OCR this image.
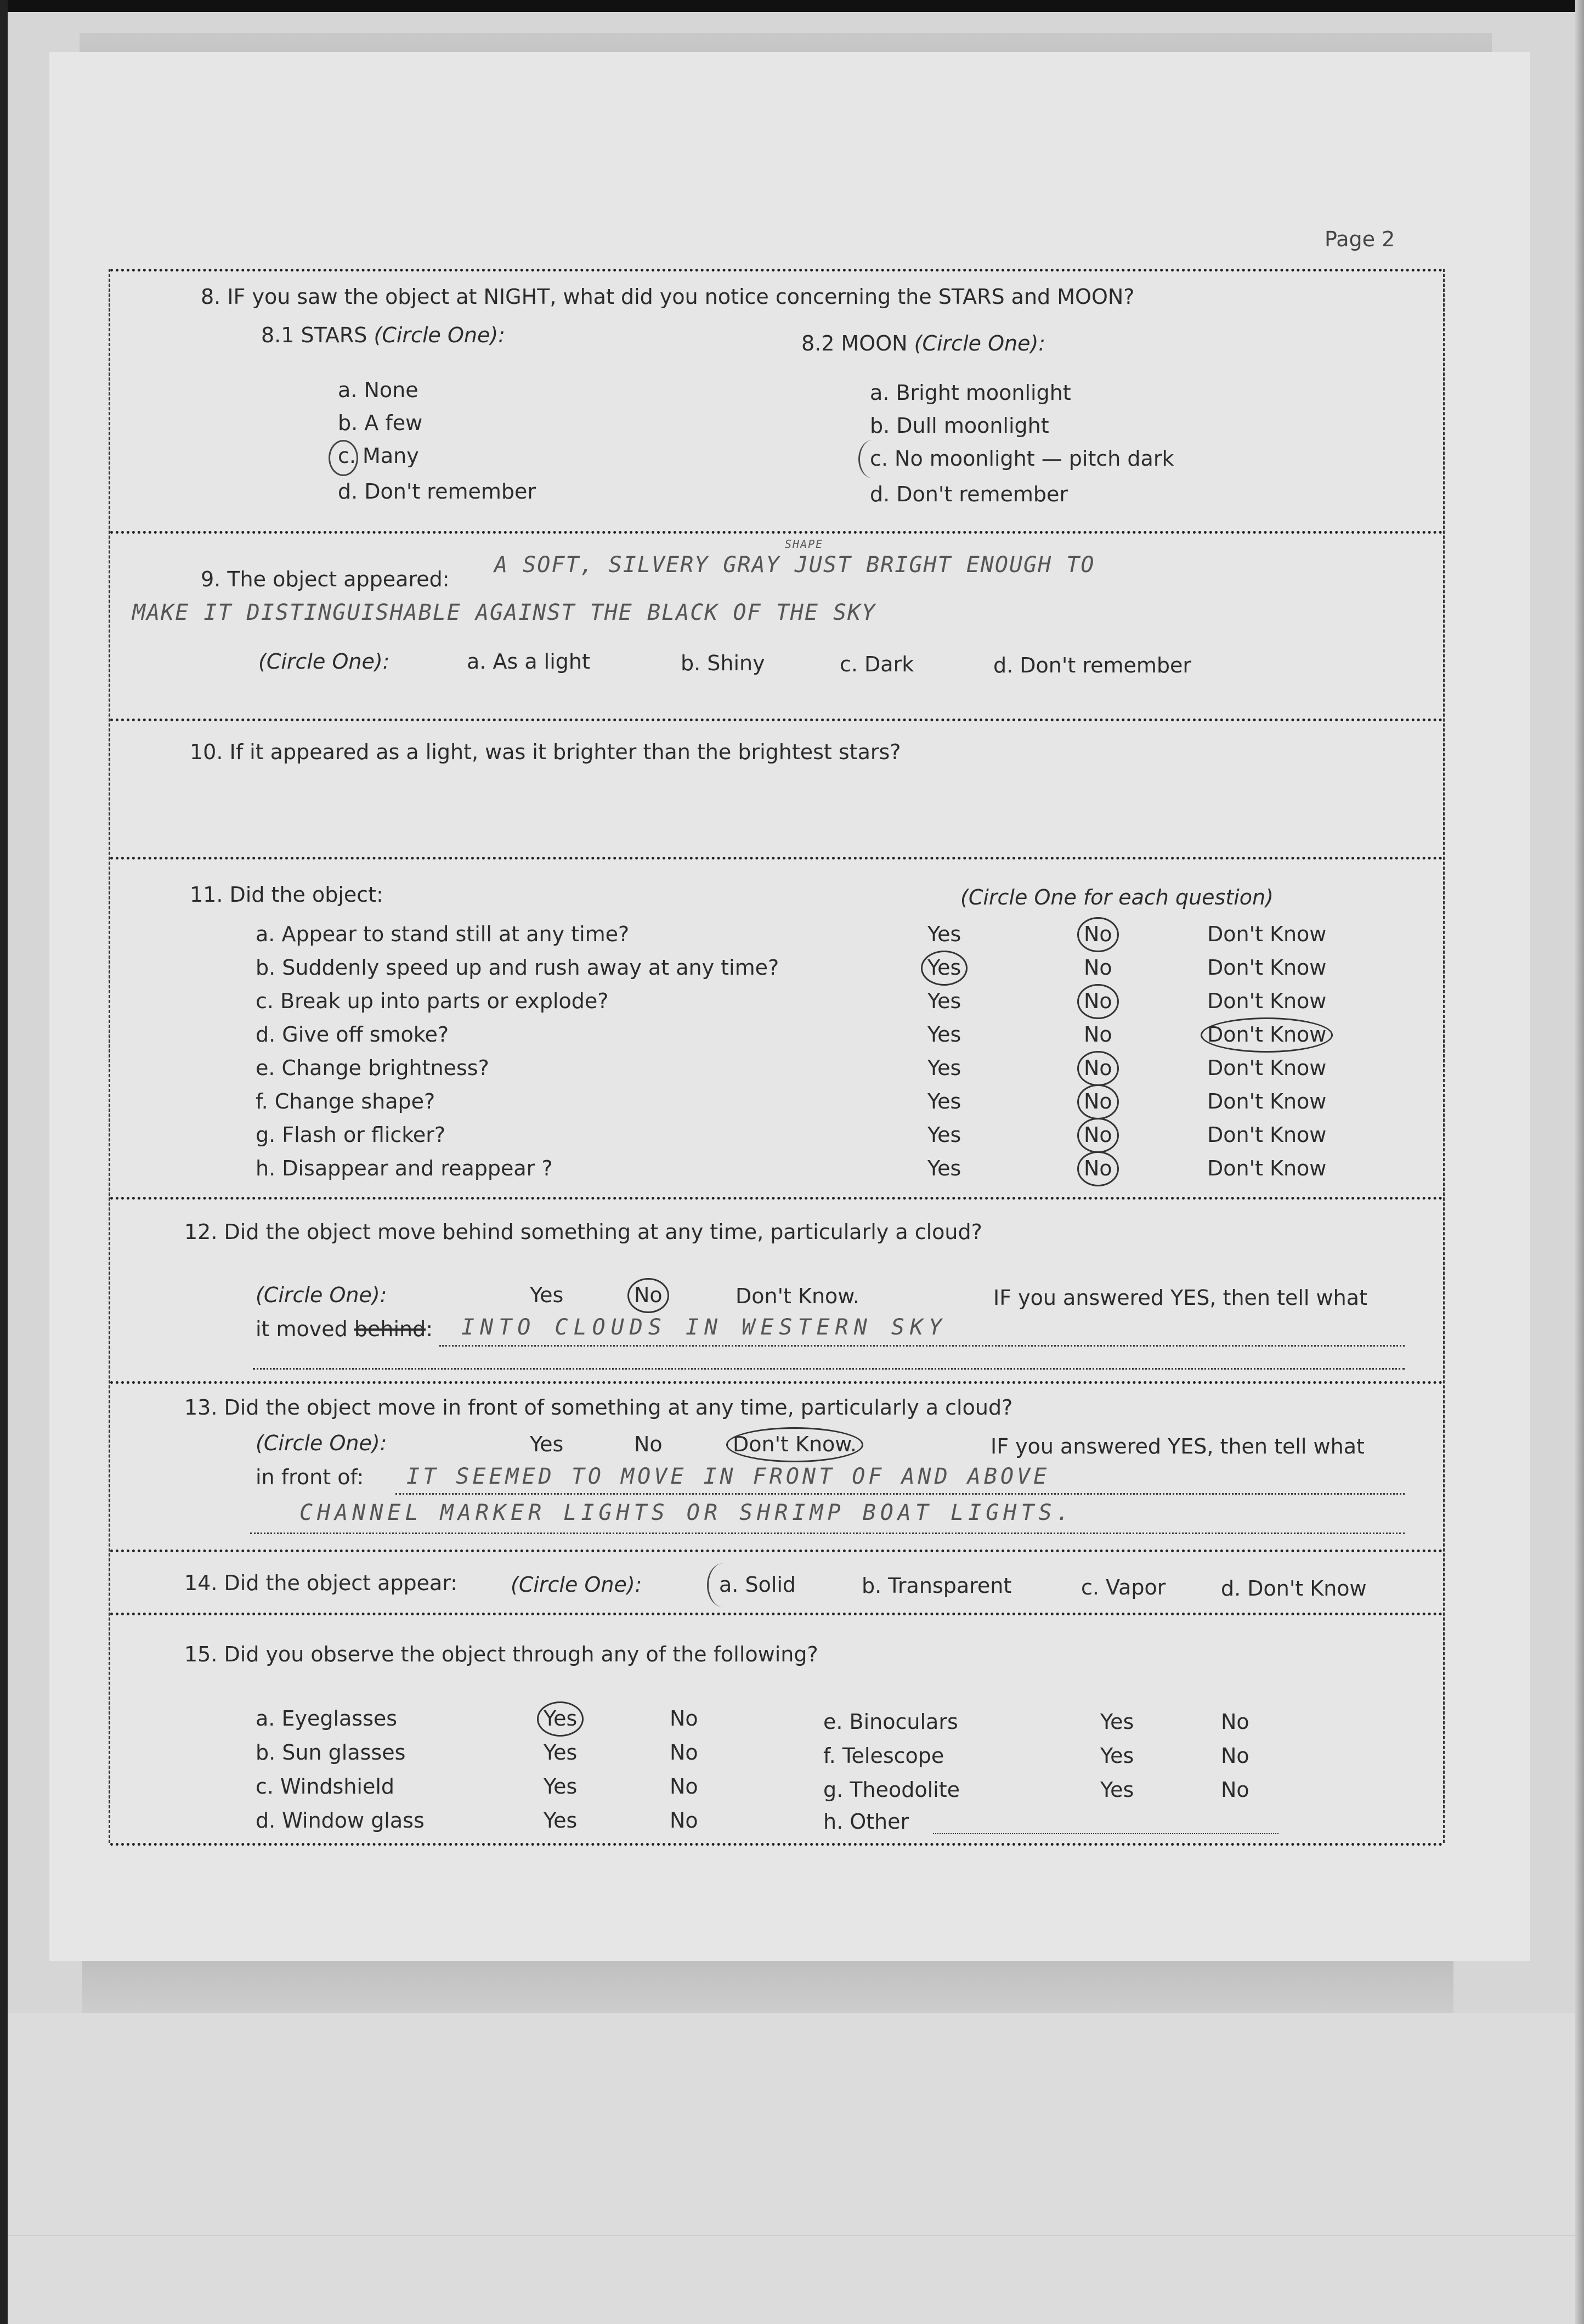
Page 2
8. IF you saw the object at NIGHT, what did you notice concerning the STARS and MOON?
8.1 STARS (Circle One):	8.2 MOON (Circle One):
a. None
b. A few
c. Many
d. Don't remember
a. Bright moonlight
b. Dull moonlight
c. No moonlight — pitch dark
d. Don't remember
SHAPE
9. The object appeared:
A SOFT, SILVERY GRAY JUST BRIGHT ENOUGH TO
MAKE IT DISTINGUISHABLE AGAINST THE BLACK OF THE SKY
(Circle One):	a. As a light	b. Shiny	c. Dark	d. Don't remember
10. If it appeared as a light, was it brighter than the brightest stars?
11. Did the object:	(Circle One for each question)
a. Appear to stand still at any time?	Yes	No	Don't Know
b. Suddenly speed up and rush away at any time?	Yes	No	Don't Know
c. Break up into parts or explode?	Yes	No	Don't Know
d. Give off smoke?	Yes	No	Don't Know
e. Change brightness?	Yes	No	Don't Know
f. Change shape?	Yes	No	Don't Know
g. Flash or flicker?	Yes	No	Don't Know
h. Disappear and reappear ?	Yes	No	Don't Know
12. Did the object move behind something at any time, particularly a cloud?
(Circle One):	Yes	No	Don't Know.	IF you answered YES, then tell what
it moved behind: INTO CLOUDS IN WESTERN SKY
13. Did the object move in front of something at any time, particularly a cloud?
(Circle One):	Yes	No	Don't Know.	IF you answered YES, then tell what
in front of: IT SEEMED TO MOVE IN FRONT OF AND ABOVE
CHANNEL MARKER LIGHTS OR SHRIMP BOAT LIGHTS.
14. Did the object appear:	(Circle One):	a. Solid	b. Transparent	c. Vapor	d. Don't Know
15. Did you observe the object through any of the following?
a. Eyeglasses	Yes	No
b. Sun glasses	Yes	No
c. Windshield	Yes	No
d. Window glass	Yes	No
e. Binoculars	Yes	No
f. Telescope	Yes	No
g. Theodolite	Yes	No
h. Other
